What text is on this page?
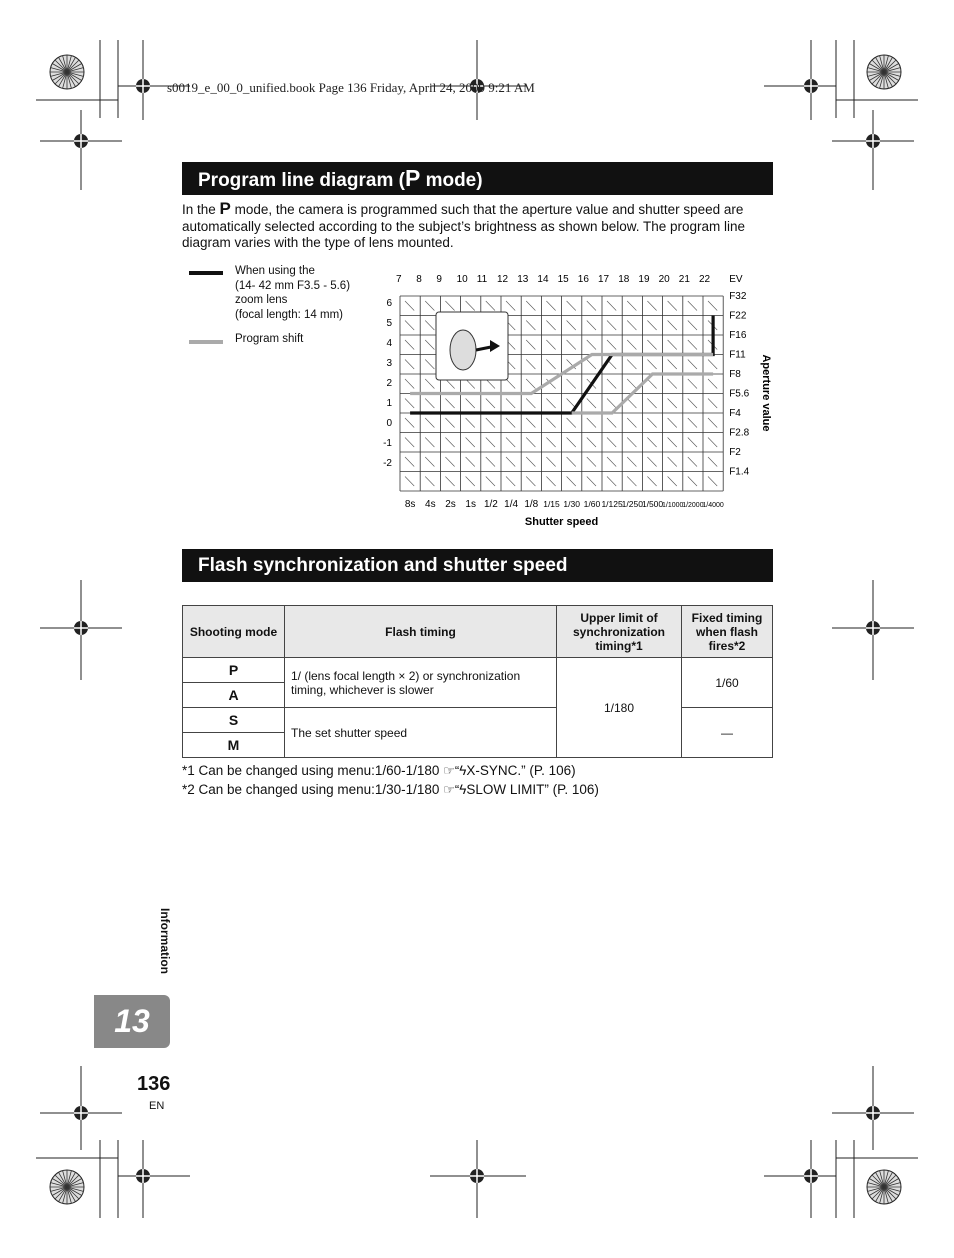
s0019_e_00_0_unified.book Page 136 Friday, April 24, 2009 9:21 AM
Program line diagram (P mode)
In the P mode, the camera is programmed such that the aperture value and shutter speed are automatically selected according to the subject’s brightness as shown below. The program line diagram varies with the type of lens mounted.
When using the
(14- 42 mm F3.5 - 5.6)
zoom lens
(focal length: 14 mm)
Program shift
7 8 9 10 11 12 13 14 15 16 17 18 19 20 21 22 EV
6
5
4
3
2
1
0
-1
-2
F32
F22
F16
F11
F8
F5.6
F4
F2.8
F2
F1.4
8s 4s 2s 1s 1/2 1/4 1/8 1/15 1/30 1/60 1/125
1/250
1/500
1/1000
1/2000
1/4000
Shutter speed
Aperture value
Flash synchronization and shutter speed
Shooting mode	Flash timing	Upper limit of synchronization timing*1	Fixed timing when flash fires*2
P	1/ (lens focal length × 2) or synchronization timing, whichever is slower	1/180	1/60
A			
S	The set shutter speed		—
M			
*1 Can be changed using menu:1/60-1/180 ☞“ϟX-SYNC.” (P. 106)
*2 Can be changed using menu:1/30-1/180 ☞“ϟSLOW LIMIT” (P. 106)
Information
13
136
EN
